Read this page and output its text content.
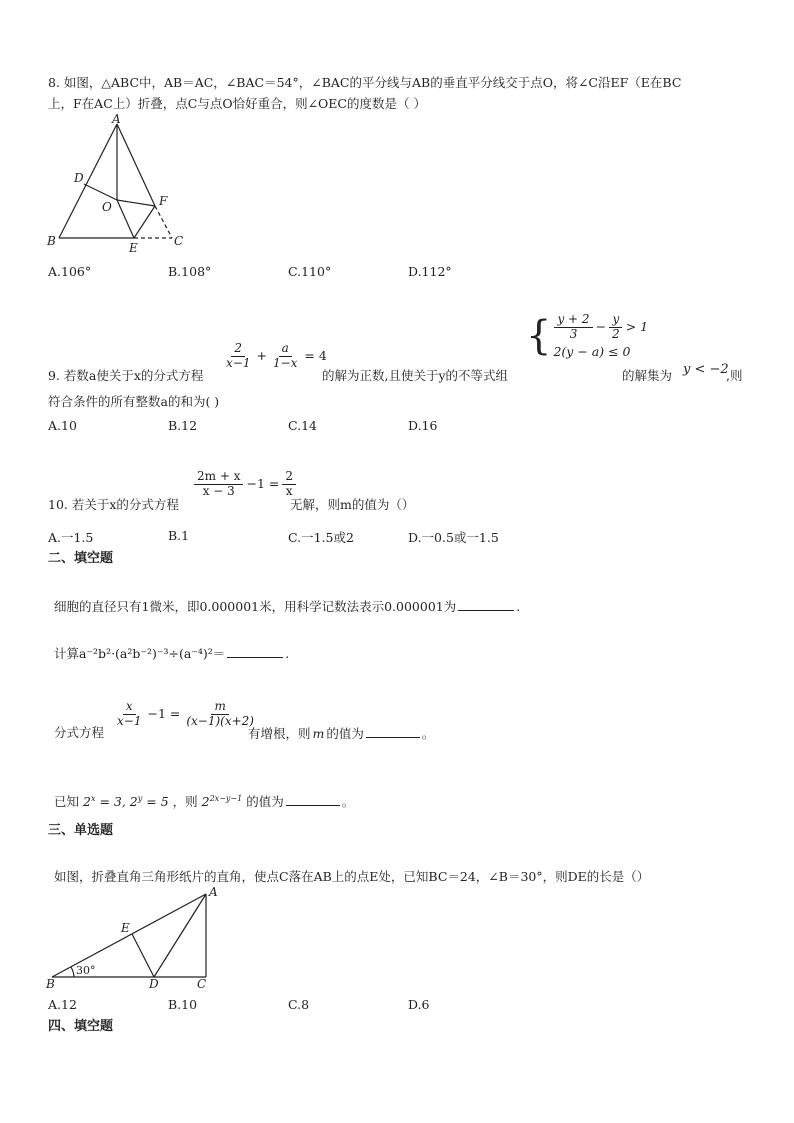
8. 如图，△ABC中，AB＝AC，∠BAC＝54°，∠BAC的平分线与AB的垂直平分线交于点O，将∠C沿EF（E在BC
上，F在AC上）折叠，点C与点O恰好重合，则∠OEC的度数是（ ）
A
B	C
D
E
F
O
A.106°	B.108°	C.110°	D.112°
9. 若数a使关于x的分式方程
$\frac{2}{x-1} + \frac{a}{1-x} = 4$
的解为正数,且使关于y的不等式组
{ $\frac{y + 2}{3} - \frac{y}{2} > 1$
2(y − a) ≤ 0
的解集为 y < −2
,则
符合条件的所有整数a的和为( )
A.10	B.12	C.14	D.16
10. 若关于x的分式方程
$\frac{2m + x}{x - 3} -1 = \frac{2}{x}$
无解，则m的值为（）
A.一1.5	B.1	C.一1.5或2	D.一0.5或一1.5
二、填空题
细胞的直径只有1微米，即0.000001米，用科学记数法表示0.000001为	.
计算a⁻²b²·(a²b⁻²)⁻³÷(a⁻⁴)²＝	.
分式方程
$\frac{x}{x-1} -1 = \frac{m}{(x-1)(x+2)}$
有增根，则 m 的值为	。
已知 $2^x = 3$, $2^y = 5$ ，则 $2^{2x-y-1}$ 的值为	。
三、单选题
如图，折叠直角三角形纸片的直角，使点C落在AB上的点E处，已知BC＝24，∠B＝30°，则DE的长是（）
A
B	C
D
E
30°
A.12	B.10	C.8	D.6
四、填空题
